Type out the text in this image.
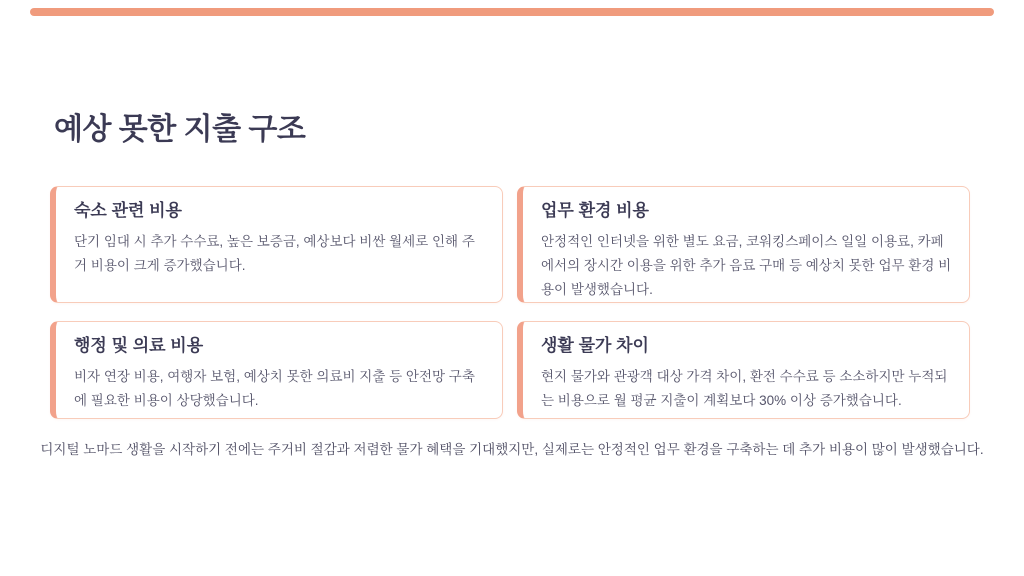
예상 못한 지출 구조
숙소 관련 비용
단기 임대 시 추가 수수료, 높은 보증금, 예상보다 비싼 월세로 인해 주거 비용이 크게 증가했습니다.
업무 환경 비용
안정적인 인터넷을 위한 별도 요금, 코워킹스페이스 일일 이용료, 카페에서의 장시간 이용을 위한 추가 음료 구매 등 예상치 못한 업무 환경 비용이 발생했습니다.
행정 및 의료 비용
비자 연장 비용, 여행자 보험, 예상치 못한 의료비 지출 등 안전망 구축에 필요한 비용이 상당했습니다.
생활 물가 차이
현지 물가와 관광객 대상 가격 차이, 환전 수수료 등 소소하지만 누적되는 비용으로 월 평균 지출이 계획보다 30% 이상 증가했습니다.

디지털 노마드 생활을 시작하기 전에는 주거비 절감과 저렴한 물가 혜택을 기대했지만, 실제로는 안정적인 업무 환경을 구축하는 데 추가 비용이 많이 발생했습니다.
